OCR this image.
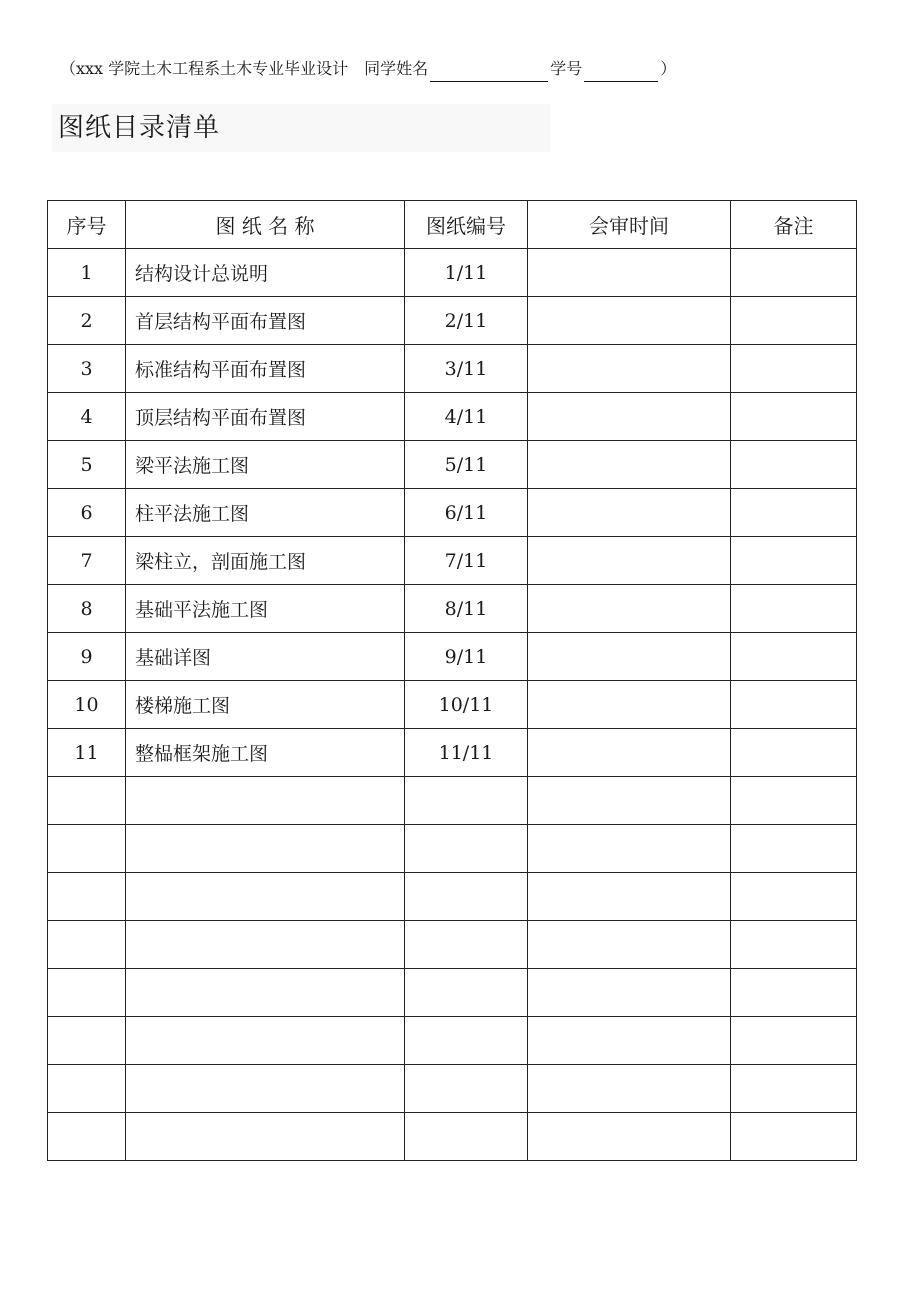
（xxx 学院土木工程系土木专业毕业设计 同学姓名	学号	）
图纸目录清单
序号	图 纸 名 称	图纸编号	会审时间	备注
1	结构设计总说明	1/11		
2	首层结构平面布置图	2/11		
3	标准结构平面布置图	3/11		
4	顶层结构平面布置图	4/11		
5	梁平法施工图	5/11		
6	柱平法施工图	6/11		
7	梁柱立，剖面施工图	7/11		
8	基础平法施工图	8/11		
9	基础详图	9/11		
10	楼梯施工图	10/11		
11	整榀框架施工图	11/11		
